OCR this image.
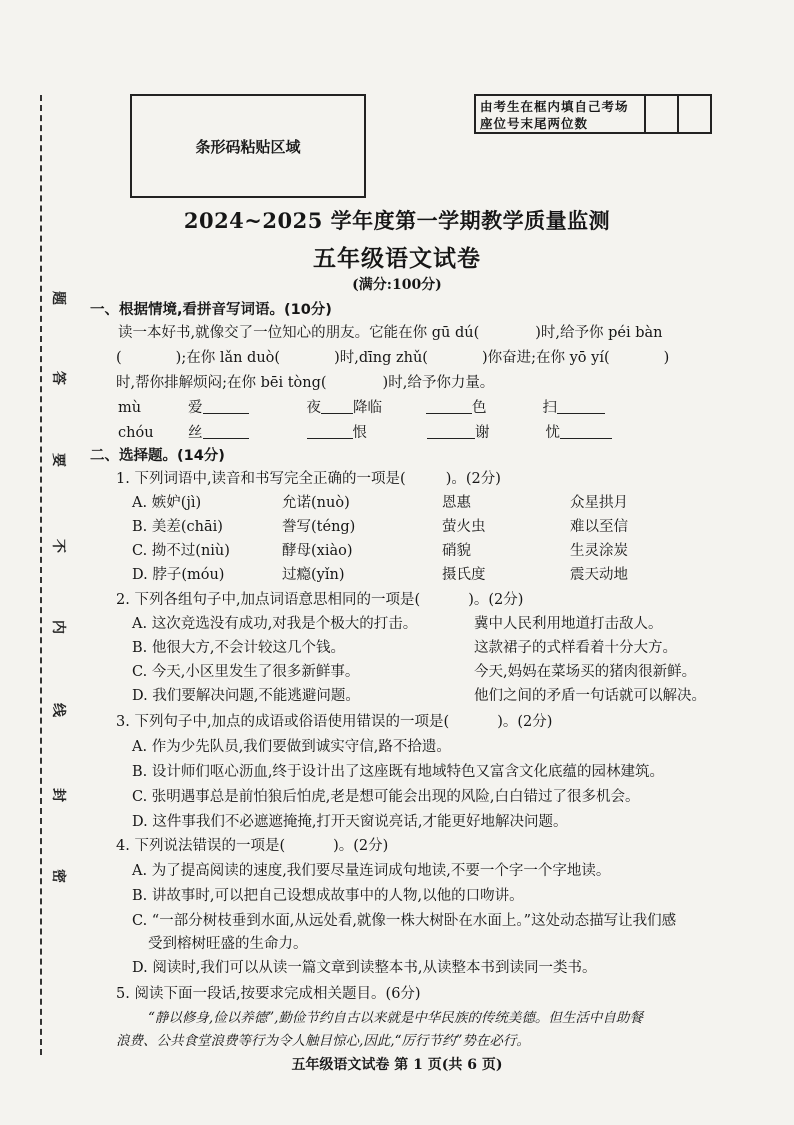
题
答
要
不
内
线
封
密
条形码粘贴区域
由考生在框内填自己考场座位号末尾两位数
2024~2025 学年度第一学期教学质量监测
五年级语文试卷
(满分:100分)
一、根据情境,看拼音写词语。(10分)
读一本好书,就像交了一位知心的朋友。它能在你 gū dú(	)时,给予你 péi bàn
(	);在你 lǎn duò(	)时,dīng zhǔ(	)你奋进;在你 yō yí(	)
时,帮你排解烦闷;在你 bēi tòng(	)时,给予你力量。
mù	爱	夜 降临	色	扫
chóu 丝	恨	谢	忧
二、选择题。(14分)
1. 下列词语中,读音和书写完全正确的一项是(	)。(2分)
A. 嫉妒(jì)	允诺(nuò)	恩惠	众星拱月
B. 美差(chāi)	誊写(téng)	萤火虫	难以至信
C. 拗不过(niù)	酵母(xiào)	硝貌	生灵涂炭
D. 脖子(móu)	过瘾(yǐn)	摄氏度	震天动地
2. 下列各组句子中,加点词语意思相同的一项是(	)。(2分)
A. 这次竞选没有成功,对我是个极大的打击。	冀中人民利用地道打击敌人。
B. 他很大方,不会计较这几个钱。	这款裙子的式样看着十分大方。
C. 今天,小区里发生了很多新鲜事。	今天,妈妈在菜场买的猪肉很新鲜。
D. 我们要解决问题,不能逃避问题。	他们之间的矛盾一句话就可以解决。
3. 下列句子中,加点的成语或俗语使用错误的一项是(	)。(2分)
A. 作为少先队员,我们要做到诚实守信,路不拾遗。
B. 设计师们呕心沥血,终于设计出了这座既有地域特色又富含文化底蕴的园林建筑。
C. 张明遇事总是前怕狼后怕虎,老是想可能会出现的风险,白白错过了很多机会。
D. 这件事我们不必遮遮掩掩,打开天窗说亮话,才能更好地解决问题。
4. 下列说法错误的一项是(	)。(2分)
A. 为了提高阅读的速度,我们要尽量连词成句地读,不要一个字一个字地读。
B. 讲故事时,可以把自己设想成故事中的人物,以他的口吻讲。
C. “一部分树枝垂到水面,从远处看,就像一株大树卧在水面上。”这处动态描写让我们感
受到榕树旺盛的生命力。
D. 阅读时,我们可以从读一篇文章到读整本书,从读整本书到读同一类书。
5. 阅读下面一段话,按要求完成相关题目。(6分)
“静以修身,俭以养德”,勤俭节约自古以来就是中华民族的传统美德。但生活中自助餐
浪费、公共食堂浪费等行为令人触目惊心,因此,“厉行节约”势在必行。
五年级语文试卷 第 1 页(共 6 页)
